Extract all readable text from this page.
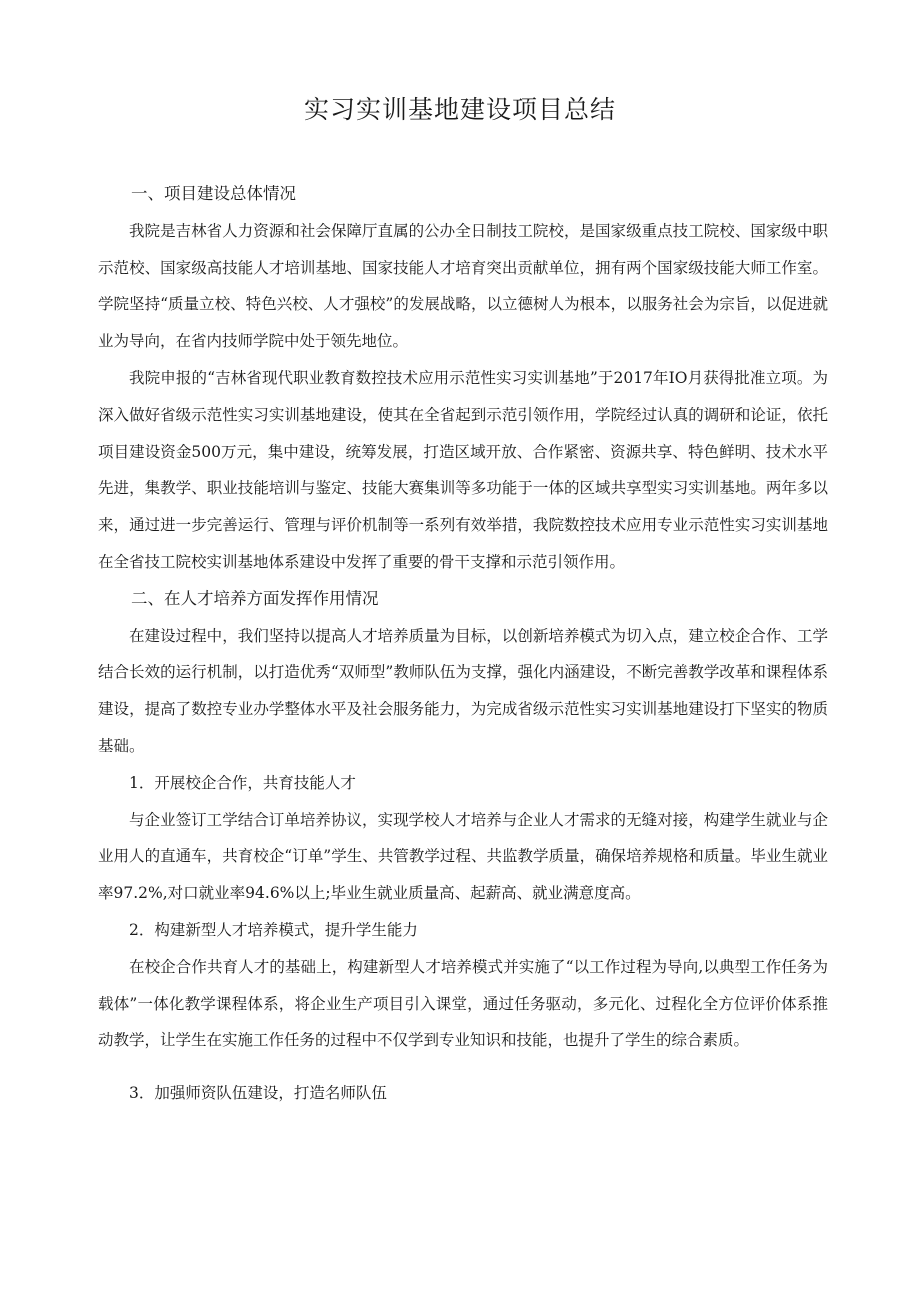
实习实训基地建设项目总结
一、项目建设总体情况

我院是吉林省人力资源和社会保障厅直属的公办全日制技工院校，是国家级重点技工院校、国家级中职示范校、国家级高技能人才培训基地、国家技能人才培育突出贡献单位，拥有两个国家级技能大师工作室。学院坚持“质量立校、特色兴校、人才强校”的发展战略，以立德树人为根本，以服务社会为宗旨，以促进就业为导向，在省内技师学院中处于领先地位。

我院申报的“吉林省现代职业教育数控技术应用示范性实习实训基地”于2017年IO月获得批准立项。为深入做好省级示范性实习实训基地建设，使其在全省起到示范引领作用，学院经过认真的调研和论证，依托项目建设资金500万元，集中建设，统筹发展，打造区域开放、合作紧密、资源共享、特色鲜明、技术水平先进，集教学、职业技能培训与鉴定、技能大赛集训等多功能于一体的区域共享型实习实训基地。两年多以来，通过进一步完善运行、管理与评价机制等一系列有效举措，我院数控技术应用专业示范性实习实训基地在全省技工院校实训基地体系建设中发挥了重要的骨干支撑和示范引领作用。

二、在人才培养方面发挥作用情况

在建设过程中，我们坚持以提高人才培养质量为目标，以创新培养模式为切入点，建立校企合作、工学结合长效的运行机制，以打造优秀“双师型”教师队伍为支撑，强化内涵建设，不断完善教学改革和课程体系建设，提高了数控专业办学整体水平及社会服务能力，为完成省级示范性实习实训基地建设打下坚实的物质基础。

1．开展校企合作，共育技能人才

与企业签订工学结合订单培养协议，实现学校人才培养与企业人才需求的无缝对接，构建学生就业与企业用人的直通车，共育校企“订单”学生、共管教学过程、共监教学质量，确保培养规格和质量。毕业生就业率97.2%,对口就业率94.6%以上;毕业生就业质量高、起薪高、就业满意度高。

2．构建新型人才培养模式，提升学生能力

在校企合作共育人才的基础上，构建新型人才培养模式并实施了“以工作过程为导向,以典型工作任务为载体”一体化教学课程体系，将企业生产项目引入课堂，通过任务驱动，多元化、过程化全方位评价体系推动教学，让学生在实施工作任务的过程中不仅学到专业知识和技能，也提升了学生的综合素质。

3．加强师资队伍建设，打造名师队伍
